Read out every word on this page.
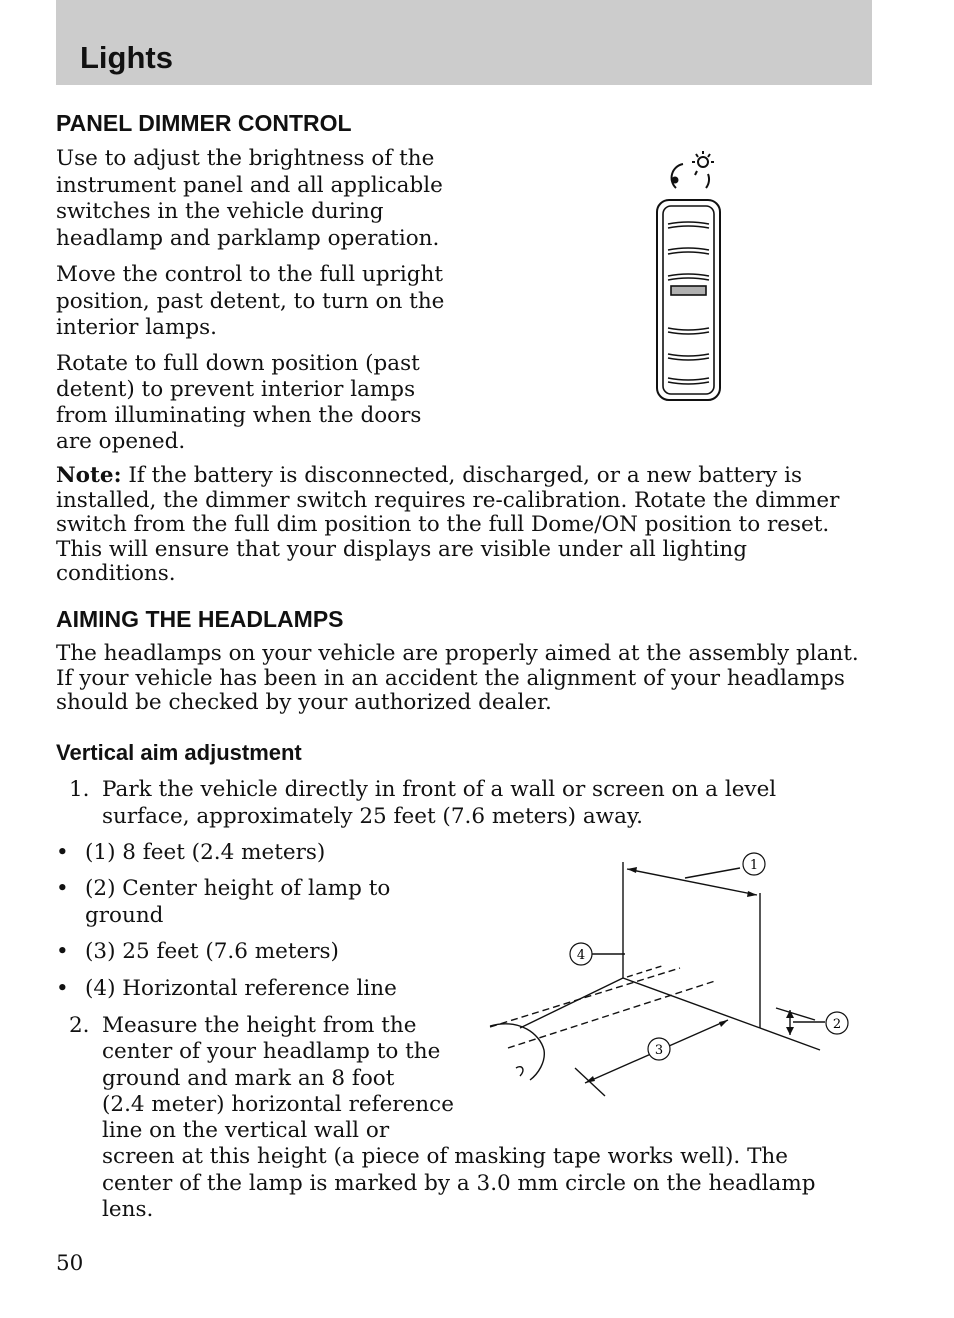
Lights
PANEL DIMMER CONTROL
Use to adjust the brightness of the
instrument panel and all applicable
switches in the vehicle during
headlamp and parklamp operation.
Move the control to the full upright
position, past detent, to turn on the
interior lamps.
Rotate to full down position (past
detent) to prevent interior lamps
from illuminating when the doors
are opened.
Note: If the battery is disconnected, discharged, or a new battery is
installed, the dimmer switch requires re-calibration. Rotate the dimmer
switch from the full dim position to the full Dome/ON position to reset.
This will ensure that your displays are visible under all lighting
conditions.
AIMING THE HEADLAMPS
The headlamps on your vehicle are properly aimed at the assembly plant.
If your vehicle has been in an accident the alignment of your headlamps
should be checked by your authorized dealer.
Vertical aim adjustment
1. Park the vehicle directly in front of a wall or screen on a level
surface, approximately 25 feet (7.6 meters) away.
• (1) 8 feet (2.4 meters)
• (2) Center height of lamp to
ground
• (3) 25 feet (7.6 meters)
• (4) Horizontal reference line
2. Measure the height from the
center of your headlamp to the
ground and mark an 8 foot
(2.4 meter) horizontal reference
line on the vertical wall or
screen at this height (a piece of masking tape works well). The
center of the lamp is marked by a 3.0 mm circle on the headlamp
lens.
1
4
2
3
50
